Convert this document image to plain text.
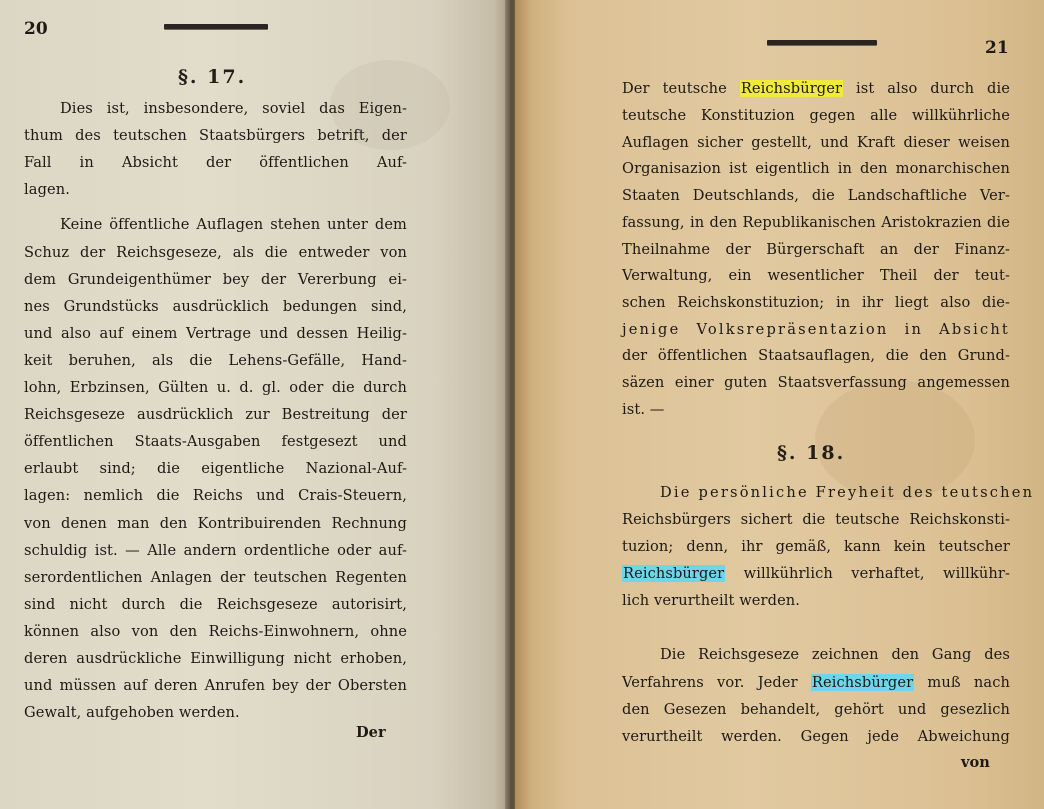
20
§. 17.
Dies ist, insbesondere, soviel das Eigen-
thum des teutschen Staatsbürgers betrift, der
Fall in Absicht der öffentlichen Auf-
lagen.
Keine öffentliche Auflagen stehen unter dem
Schuz der Reichsgeseze, als die entweder von
dem Grundeigenthümer bey der Vererbung ei-
nes Grundstücks ausdrücklich bedungen sind,
und also auf einem Vertrage und dessen Heilig-
keit beruhen, als die Lehens-Gefälle, Hand-
lohn, Erbzinsen, Gülten u. d. gl. oder die durch
Reichsgeseze ausdrücklich zur Bestreitung der
öffentlichen Staats-Ausgaben festgesezt und
erlaubt sind; die eigentliche Nazional-Auf-
lagen: nemlich die Reichs und Crais-Steuern,
von denen man den Kontribuirenden Rechnung
schuldig ist. — Alle andern ordentliche oder auf-
serordentlichen Anlagen der teutschen Regenten
sind nicht durch die Reichsgeseze autorisirt,
können also von den Reichs-Einwohnern, ohne
deren ausdrückliche Einwilligung nicht erhoben,
und müssen auf deren Anrufen bey der Obersten
Gewalt, aufgehoben werden.
Der
21
Der teutsche Reichsbürger ist also durch die
teutsche Konstituzion gegen alle willkührliche
Auflagen sicher gestellt, und Kraft dieser weisen
Organisazion ist eigentlich in den monarchischen
Staaten Deutschlands, die Landschaftliche Ver-
fassung, in den Republikanischen Aristokrazien die
Theilnahme der Bürgerschaft an der Finanz-
Verwaltung, ein wesentlicher Theil der teut-
schen Reichskonstituzion; in ihr liegt also die-
jenige Volksrepräsentazion in Absicht
der öffentlichen Staatsauflagen, die den Grund-
säzen einer guten Staatsverfassung angemessen
ist. —
§. 18.
Die persönliche Freyheit des teutschen
Reichsbürgers sichert die teutsche Reichskonsti-
tuzion; denn, ihr gemäß, kann kein teutscher
Reichsbürger willkührlich verhaftet, willkühr-
lich verurtheilt werden.
Die Reichsgeseze zeichnen den Gang des
Verfahrens vor. Jeder Reichsbürger muß nach
den Gesezen behandelt, gehört und gesezlich
verurtheilt werden. Gegen jede Abweichung
von
